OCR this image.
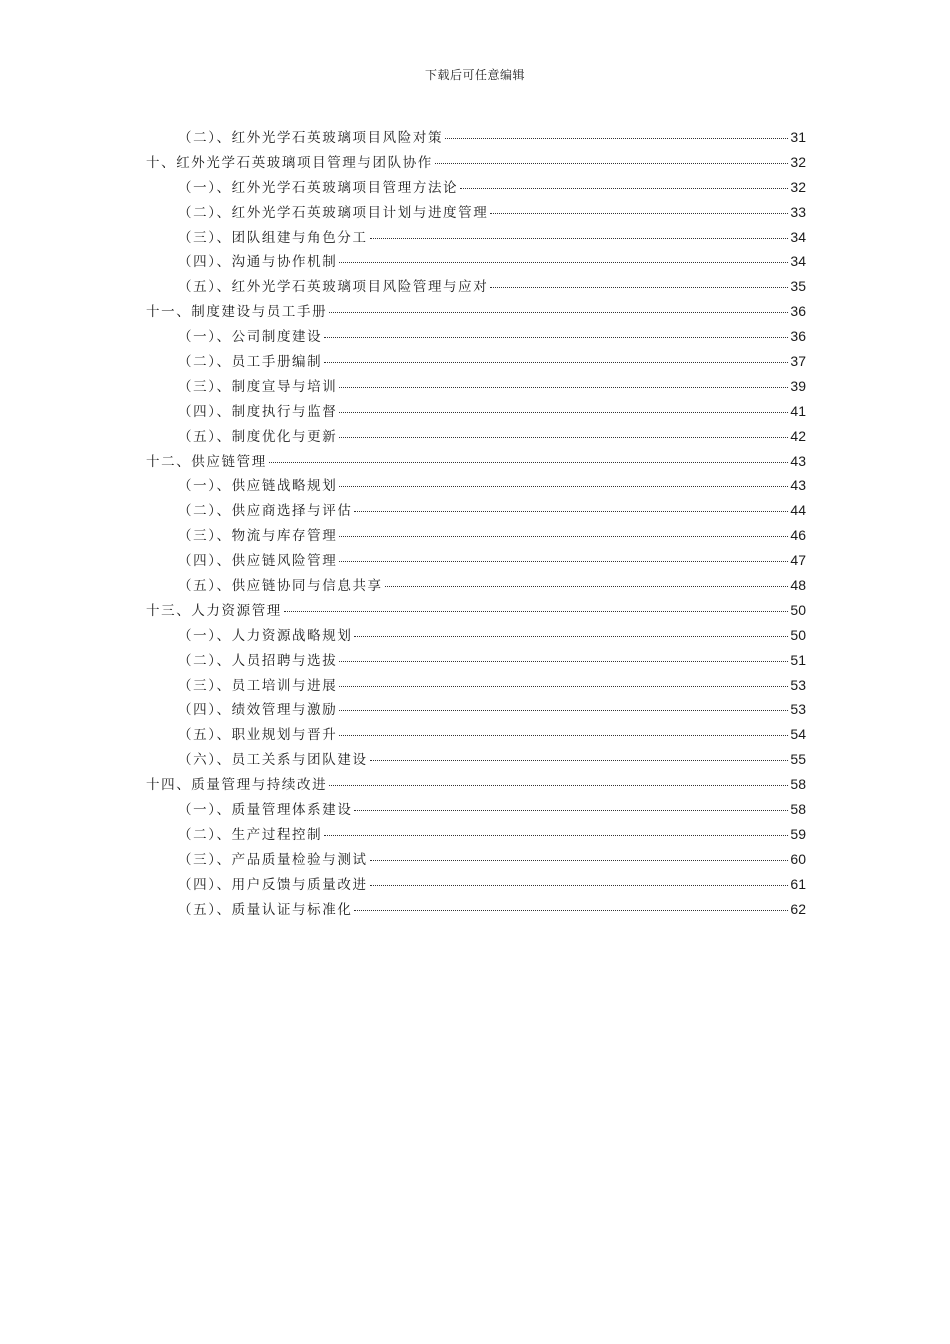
下载后可任意编辑
（二）、红外光学石英玻璃项目风险对策	31
十、红外光学石英玻璃项目管理与团队协作	32
（一）、红外光学石英玻璃项目管理方法论	32
（二）、红外光学石英玻璃项目计划与进度管理	33
（三）、团队组建与角色分工	34
（四）、沟通与协作机制	34
（五）、红外光学石英玻璃项目风险管理与应对	35
十一、制度建设与员工手册	36
（一）、公司制度建设	36
（二）、员工手册编制	37
（三）、制度宣导与培训	39
（四）、制度执行与监督	41
（五）、制度优化与更新	42
十二、供应链管理	43
（一）、供应链战略规划	43
（二）、供应商选择与评估	44
（三）、物流与库存管理	46
（四）、供应链风险管理	47
（五）、供应链协同与信息共享	48
十三、人力资源管理	50
（一）、人力资源战略规划	50
（二）、人员招聘与选拔	51
（三）、员工培训与进展	53
（四）、绩效管理与激励	53
（五）、职业规划与晋升	54
（六）、员工关系与团队建设	55
十四、质量管理与持续改进	58
（一）、质量管理体系建设	58
（二）、生产过程控制	59
（三）、产品质量检验与测试	60
（四）、用户反馈与质量改进	61
（五）、质量认证与标准化	62
